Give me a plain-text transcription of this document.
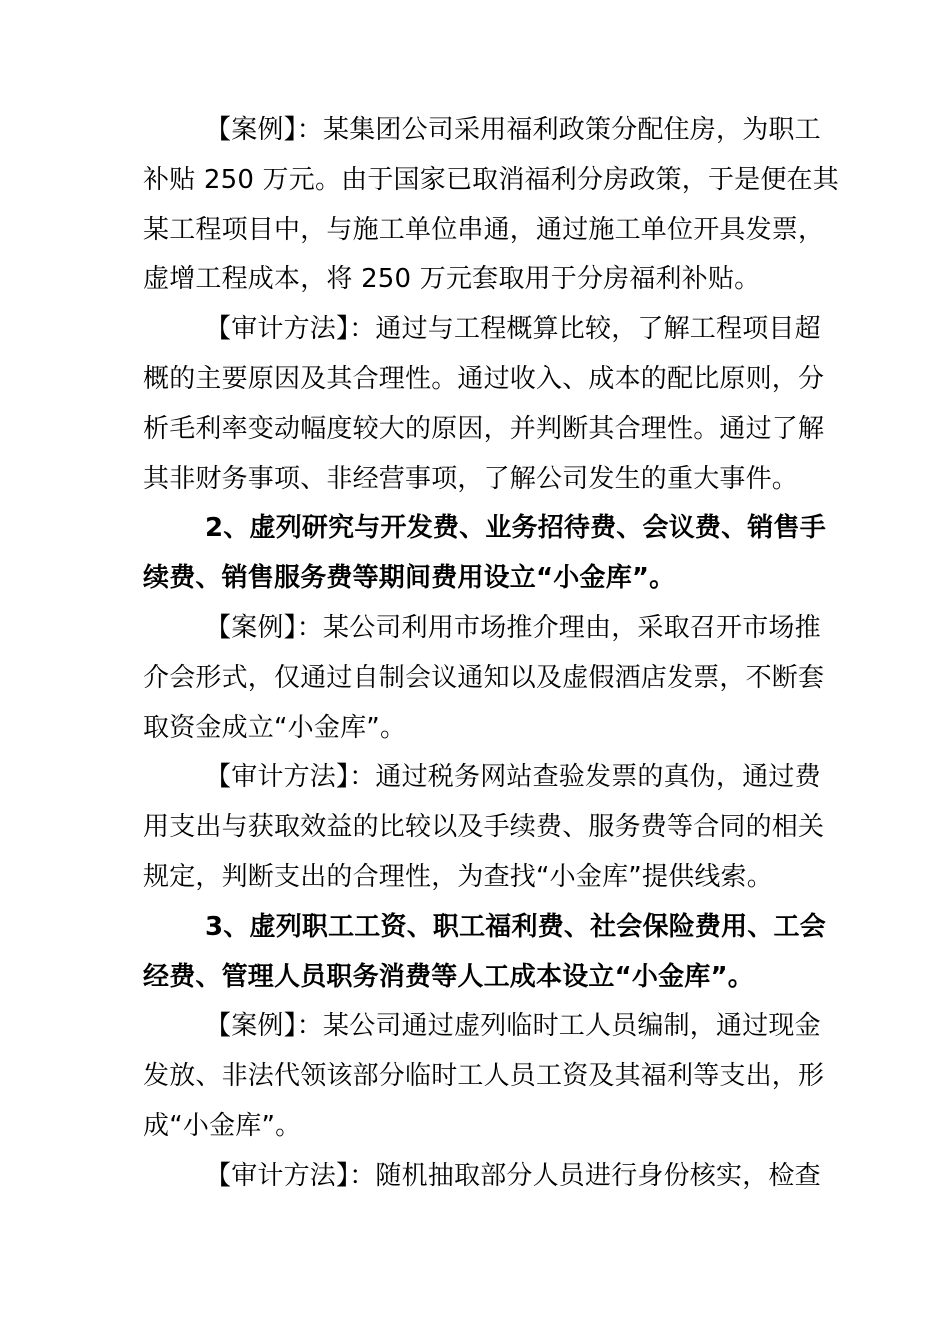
【案例】：某集团公司采用福利政策分配住房，为职工
补贴 250 万元。由于国家已取消福利分房政策，于是便在其
某工程项目中，与施工单位串通，通过施工单位开具发票，
虚增工程成本，将 250 万元套取用于分房福利补贴。
【审计方法】：通过与工程概算比较，了解工程项目超
概的主要原因及其合理性。通过收入、成本的配比原则，分
析毛利率变动幅度较大的原因，并判断其合理性。通过了解
其非财务事项、非经营事项，了解公司发生的重大事件。
2、虚列研究与开发费、业务招待费、会议费、销售手
续费、销售服务费等期间费用设立“小金库”。
【案例】：某公司利用市场推介理由，采取召开市场推
介会形式，仅通过自制会议通知以及虚假酒店发票，不断套
取资金成立“小金库”。
【审计方法】：通过税务网站查验发票的真伪，通过费
用支出与获取效益的比较以及手续费、服务费等合同的相关
规定，判断支出的合理性，为查找“小金库”提供线索。
3、虚列职工工资、职工福利费、社会保险费用、工会
经费、管理人员职务消费等人工成本设立“小金库”。
【案例】：某公司通过虚列临时工人员编制，通过现金
发放、非法代领该部分临时工人员工资及其福利等支出，形
成“小金库”。
【审计方法】：随机抽取部分人员进行身份核实，检查
